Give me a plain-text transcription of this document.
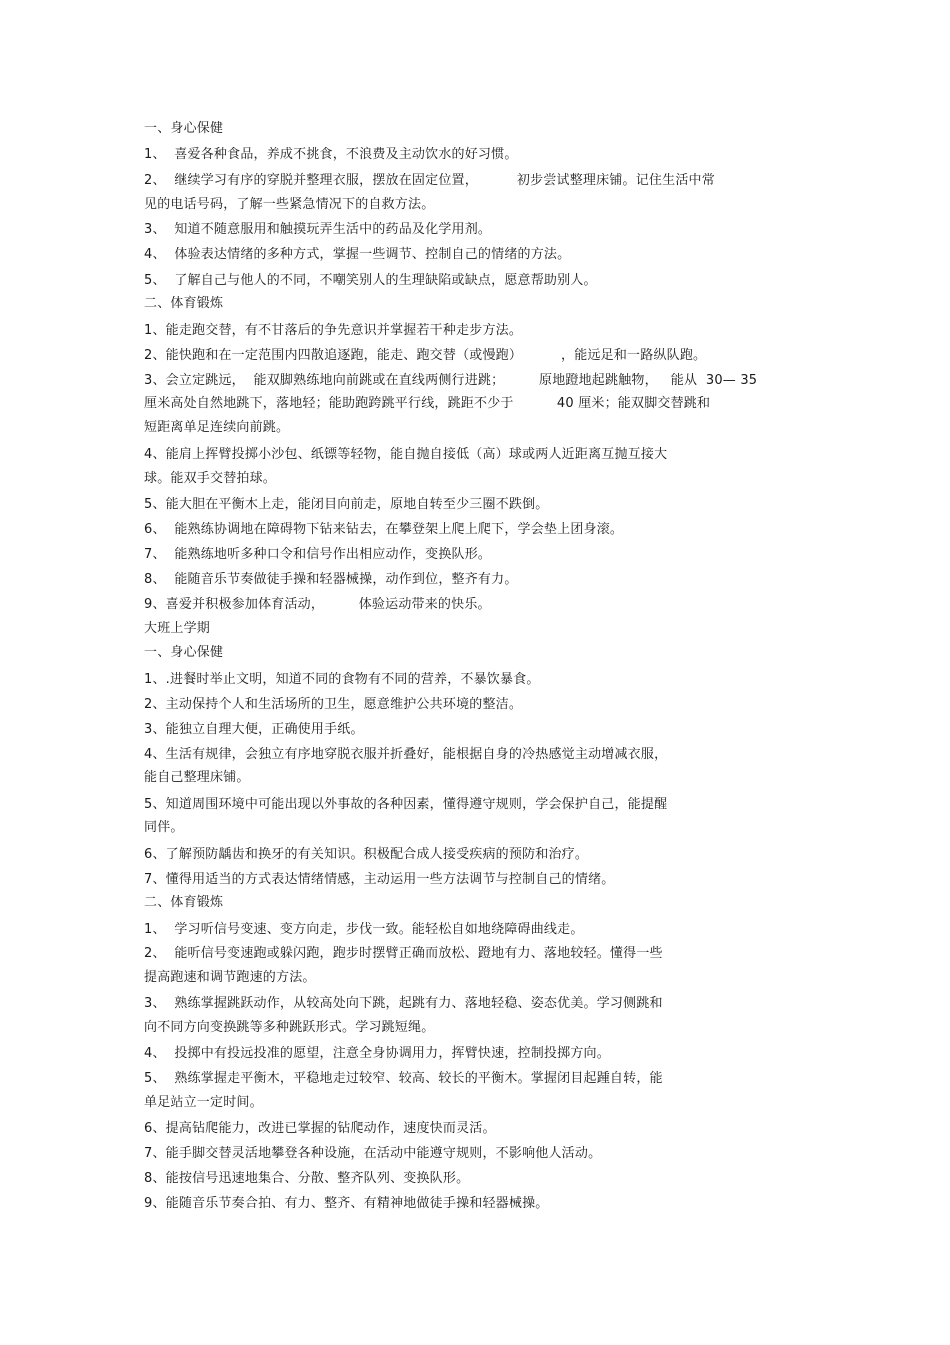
一、身心保健
1、  喜爱各种食品，养成不挑食，不浪费及主动饮水的好习惯。
2、  继续学习有序的穿脱并整理衣服，摆放在固定位置，         初步尝试整理床铺。记住生活中常
见的电话号码，了解一些紧急情况下的自救方法。
3、  知道不随意服用和触摸玩弄生活中的药品及化学用剂。
4、  体验表达情绪的多种方式，掌握一些调节、控制自己的情绪的方法。
5、  了解自己与他人的不同，不嘲笑别人的生理缺陷或缺点，愿意帮助别人。
二、体育锻炼
1、能走跑交替，有不甘落后的争先意识并掌握若干种走步方法。
2、能快跑和在一定范围内四散追逐跑，能走、跑交替（或慢跑）         ，能远足和一路纵队跑。
3、会立定跳远，  能双脚熟练地向前跳或在直线两侧行进跳；        原地蹬地起跳触物，   能从  30— 35
厘米高处自然地跳下，落地轻；能助跑跨跳平行线，跳距不少于          40 厘米；能双脚交替跳和
短距离单足连续向前跳。
4、能肩上挥臂投掷小沙包、纸镖等轻物，能自抛自接低（高）球或两人近距离互抛互接大
球。能双手交替拍球。
5、能大胆在平衡木上走，能闭目向前走，原地自转至少三圈不跌倒。
6、  能熟练协调地在障碍物下钻来钻去，在攀登架上爬上爬下，学会垫上团身滚。
7、  能熟练地听多种口令和信号作出相应动作，变换队形。
8、  能随音乐节奏做徒手操和轻器械操，动作到位，整齐有力。
9、喜爱并积极参加体育活动，        体验运动带来的快乐。
大班上学期
一、身心保健
1、.进餐时举止文明，知道不同的食物有不同的营养，不暴饮暴食。
2、主动保持个人和生活场所的卫生，愿意维护公共环境的整洁。
3、能独立自理大便，正确使用手纸。
4、生活有规律，会独立有序地穿脱衣服并折叠好，能根据自身的冷热感觉主动增减衣服，
能自己整理床铺。
5、知道周围环境中可能出现以外事故的各种因素，懂得遵守规则，学会保护自己，能提醒
同伴。
6、了解预防龋齿和换牙的有关知识。积极配合成人接受疾病的预防和治疗。
7、懂得用适当的方式表达情绪情感，主动运用一些方法调节与控制自己的情绪。
二、体育锻炼
1、  学习听信号变速、变方向走，步伐一致。能轻松自如地绕障碍曲线走。
2、  能听信号变速跑或躲闪跑，跑步时摆臂正确而放松、蹬地有力、落地较轻。懂得一些
提高跑速和调节跑速的方法。
3、  熟练掌握跳跃动作，从较高处向下跳，起跳有力、落地轻稳、姿态优美。学习侧跳和
向不同方向变换跳等多种跳跃形式。学习跳短绳。
4、  投掷中有投远投准的愿望，注意全身协调用力，挥臂快速，控制投掷方向。
5、  熟练掌握走平衡木，平稳地走过较窄、较高、较长的平衡木。掌握闭目起踵自转，能
单足站立一定时间。
6、提高钻爬能力，改进已掌握的钻爬动作，速度快而灵活。
7、能手脚交替灵活地攀登各种设施，在活动中能遵守规则，不影响他人活动。
8、能按信号迅速地集合、分散、整齐队列、变换队形。
9、能随音乐节奏合拍、有力、整齐、有精神地做徒手操和轻器械操。
